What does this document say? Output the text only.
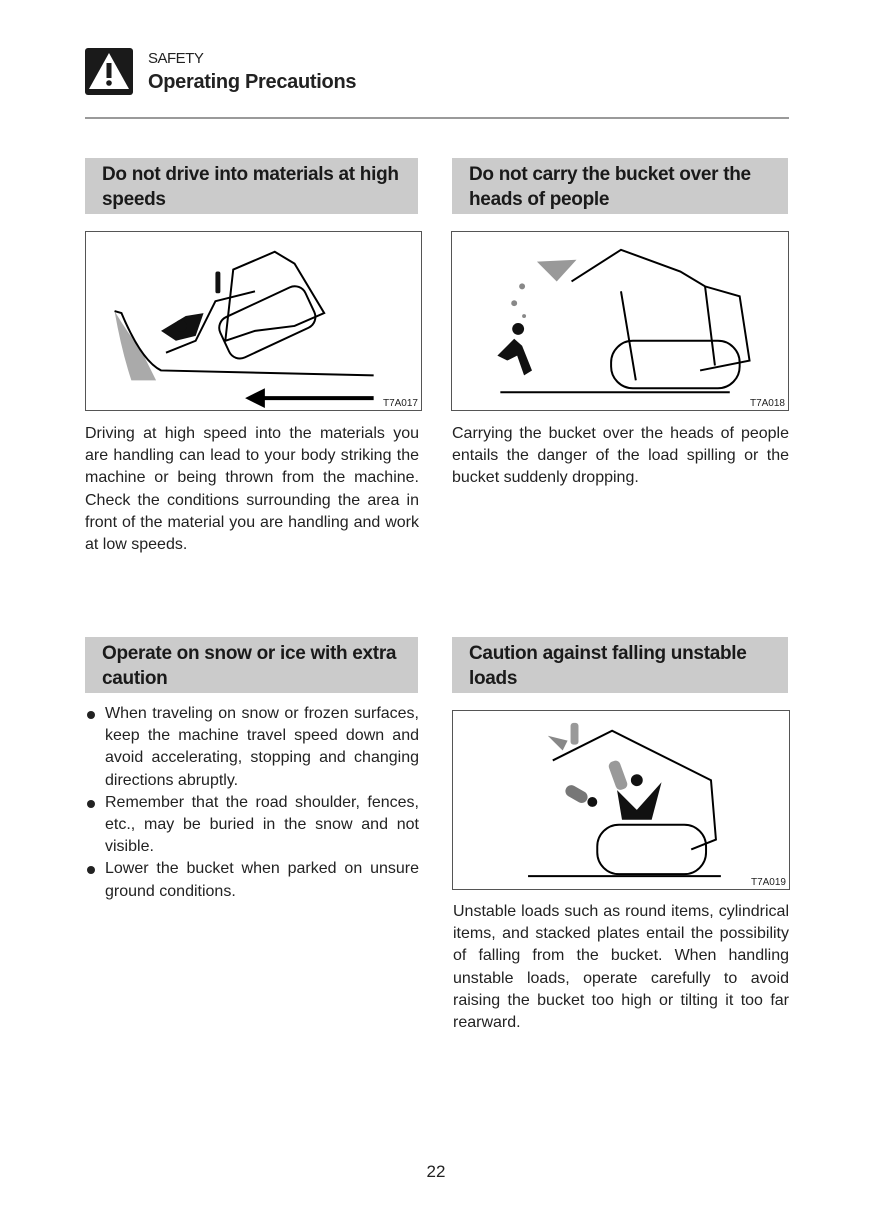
SAFETY
Operating Precautions
Do not drive into materials at high speeds
T7A017
Driving at high speed into the materials you are handling can lead to your body striking the machine or being thrown from the machine. Check the conditions surrounding the area in front of the material you are handling and work at low speeds.
Do not carry the bucket over the heads of people
T7A018
Carrying the bucket over the heads of people entails the danger of the load spilling or the bucket suddenly dropping.
Operate on snow or ice with extra caution
When traveling on snow or frozen surfaces, keep the machine travel speed down and avoid accelerating, stopping and changing directions abruptly.
Remember that the road shoulder, fences, etc., may be buried in the snow and not visible.
Lower the bucket when parked on unsure ground conditions.
Caution against falling unstable loads
T7A019
Unstable loads such as round items, cylindrical items, and stacked plates entail the possibility of falling from the bucket. When handling unstable loads, operate carefully to avoid raising the bucket too high or tilting it too far rearward.
22
